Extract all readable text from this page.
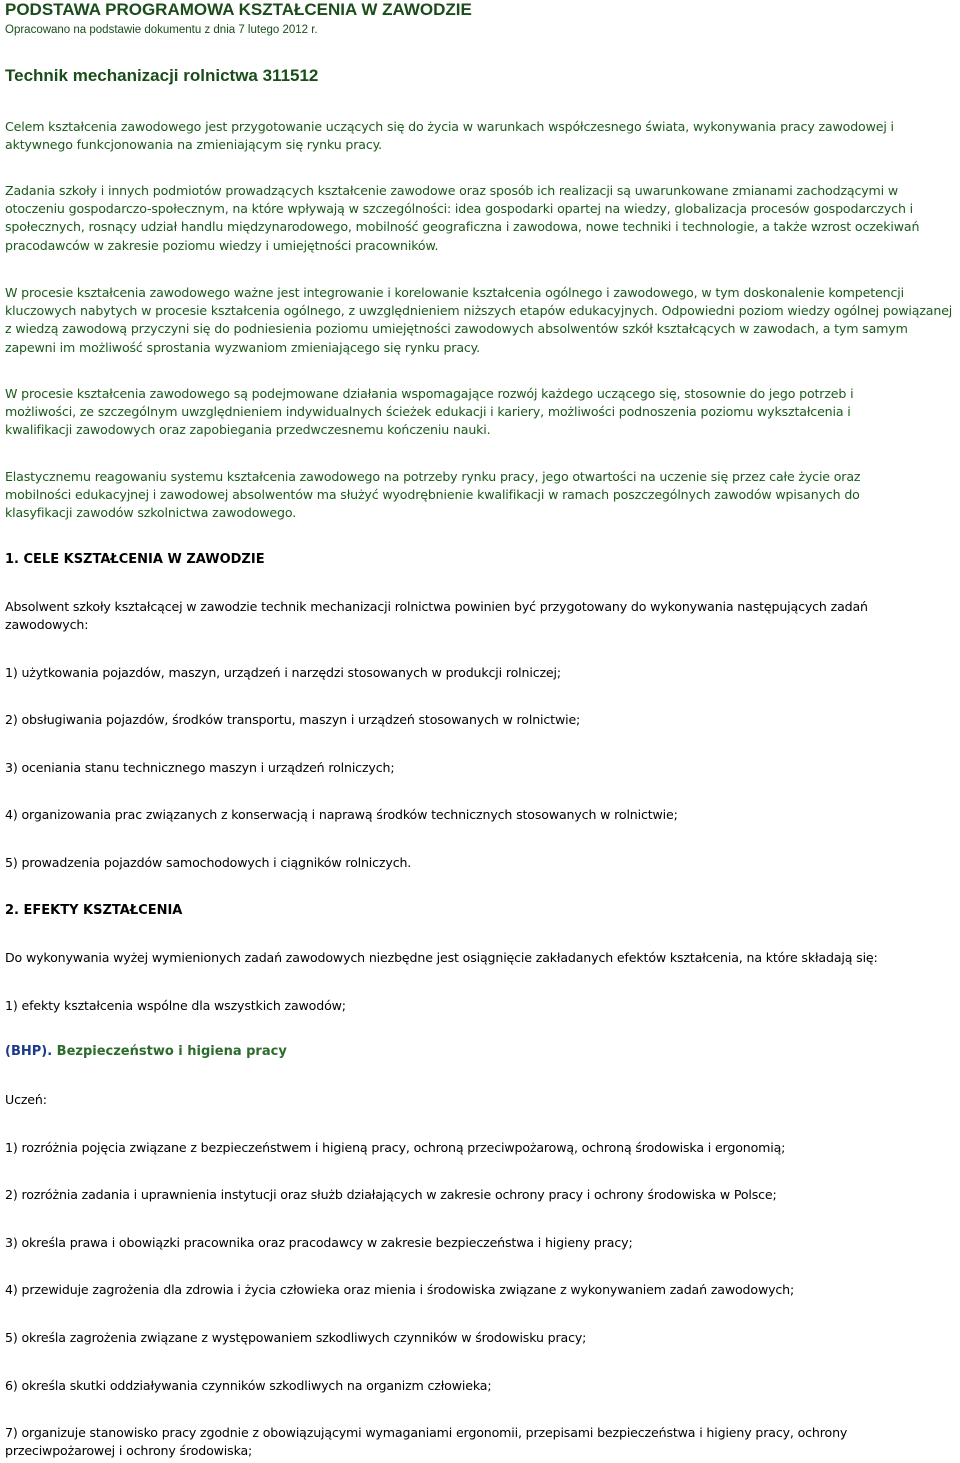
PODSTAWA PROGRAMOWA KSZTAŁCENIA W ZAWODZIE

Opracowano na podstawie dokumentu z dnia 7 lutego 2012 r.

Technik mechanizacji rolnictwa 311512

Celem kształcenia zawodowego jest przygotowanie uczących się do życia w warunkach współczesnego świata, wykonywania pracy zawodowej i aktywnego funkcjonowania na zmieniającym się rynku pracy.

Zadania szkoły i innych podmiotów prowadzących kształcenie zawodowe oraz sposób ich realizacji są uwarunkowane zmianami zachodzącymi w otoczeniu gospodarczo-społecznym, na które wpływają w szczególności: idea gospodarki opartej na wiedzy, globalizacja procesów gospodarczych i społecznych, rosnący udział handlu międzynarodowego, mobilność geograficzna i zawodowa, nowe techniki i technologie, a także wzrost oczekiwań pracodawców w zakresie poziomu wiedzy i umiejętności pracowników.

W procesie kształcenia zawodowego ważne jest integrowanie i korelowanie kształcenia ogólnego i zawodowego, w tym doskonalenie kompetencji kluczowych nabytych w procesie kształcenia ogólnego, z uwzględnieniem niższych etapów edukacyjnych. Odpowiedni poziom wiedzy ogólnej powiązanej z wiedzą zawodową przyczyni się do podniesienia poziomu umiejętności zawodowych absolwentów szkół kształcących w zawodach, a tym samym zapewni im możliwość sprostania wyzwaniom zmieniającego się rynku pracy.

W procesie kształcenia zawodowego są podejmowane działania wspomagające rozwój każdego uczącego się, stosownie do jego potrzeb i możliwości, ze szczególnym uwzględnieniem indywidualnych ścieżek edukacji i kariery, możliwości podnoszenia poziomu wykształcenia i kwalifikacji zawodowych oraz zapobiegania przedwczesnemu kończeniu nauki.

Elastycznemu reagowaniu systemu kształcenia zawodowego na potrzeby rynku pracy, jego otwartości na uczenie się przez całe życie oraz mobilności edukacyjnej i zawodowej absolwentów ma służyć wyodrębnienie kwalifikacji w ramach poszczególnych zawodów wpisanych do klasyfikacji zawodów szkolnictwa zawodowego.

1. CELE KSZTAŁCENIA W ZAWODZIE

Absolwent szkoły kształcącej w zawodzie technik mechanizacji rolnictwa powinien być przygotowany do wykonywania następujących zadań zawodowych:

1) użytkowania pojazdów, maszyn, urządzeń i narzędzi stosowanych w produkcji rolniczej;

2) obsługiwania pojazdów, środków transportu, maszyn i urządzeń stosowanych w rolnictwie;

3) oceniania stanu technicznego maszyn i urządzeń rolniczych;

4) organizowania prac związanych z konserwacją i naprawą środków technicznych stosowanych w rolnictwie;

5) prowadzenia pojazdów samochodowych i ciągników rolniczych.

2. EFEKTY KSZTAŁCENIA

Do wykonywania wyżej wymienionych zadań zawodowych niezbędne jest osiągnięcie zakładanych efektów kształcenia, na które składają się:

1) efekty kształcenia wspólne dla wszystkich zawodów;

(BHP). Bezpieczeństwo i higiena pracy

Uczeń:

1) rozróżnia pojęcia związane z bezpieczeństwem i higieną pracy, ochroną przeciwpożarową, ochroną środowiska i ergonomią;

2) rozróżnia zadania i uprawnienia instytucji oraz służb działających w zakresie ochrony pracy i ochrony środowiska w Polsce;

3) określa prawa i obowiązki pracownika oraz pracodawcy w zakresie bezpieczeństwa i higieny pracy;

4) przewiduje zagrożenia dla zdrowia i życia człowieka oraz mienia i środowiska związane z wykonywaniem zadań zawodowych;

5) określa zagrożenia związane z występowaniem szkodliwych czynników w środowisku pracy;

6) określa skutki oddziaływania czynników szkodliwych na organizm człowieka;

7) organizuje stanowisko pracy zgodnie z obowiązującymi wymaganiami ergonomii, przepisami bezpieczeństwa i higieny pracy, ochrony przeciwpożarowej i ochrony środowiska;
